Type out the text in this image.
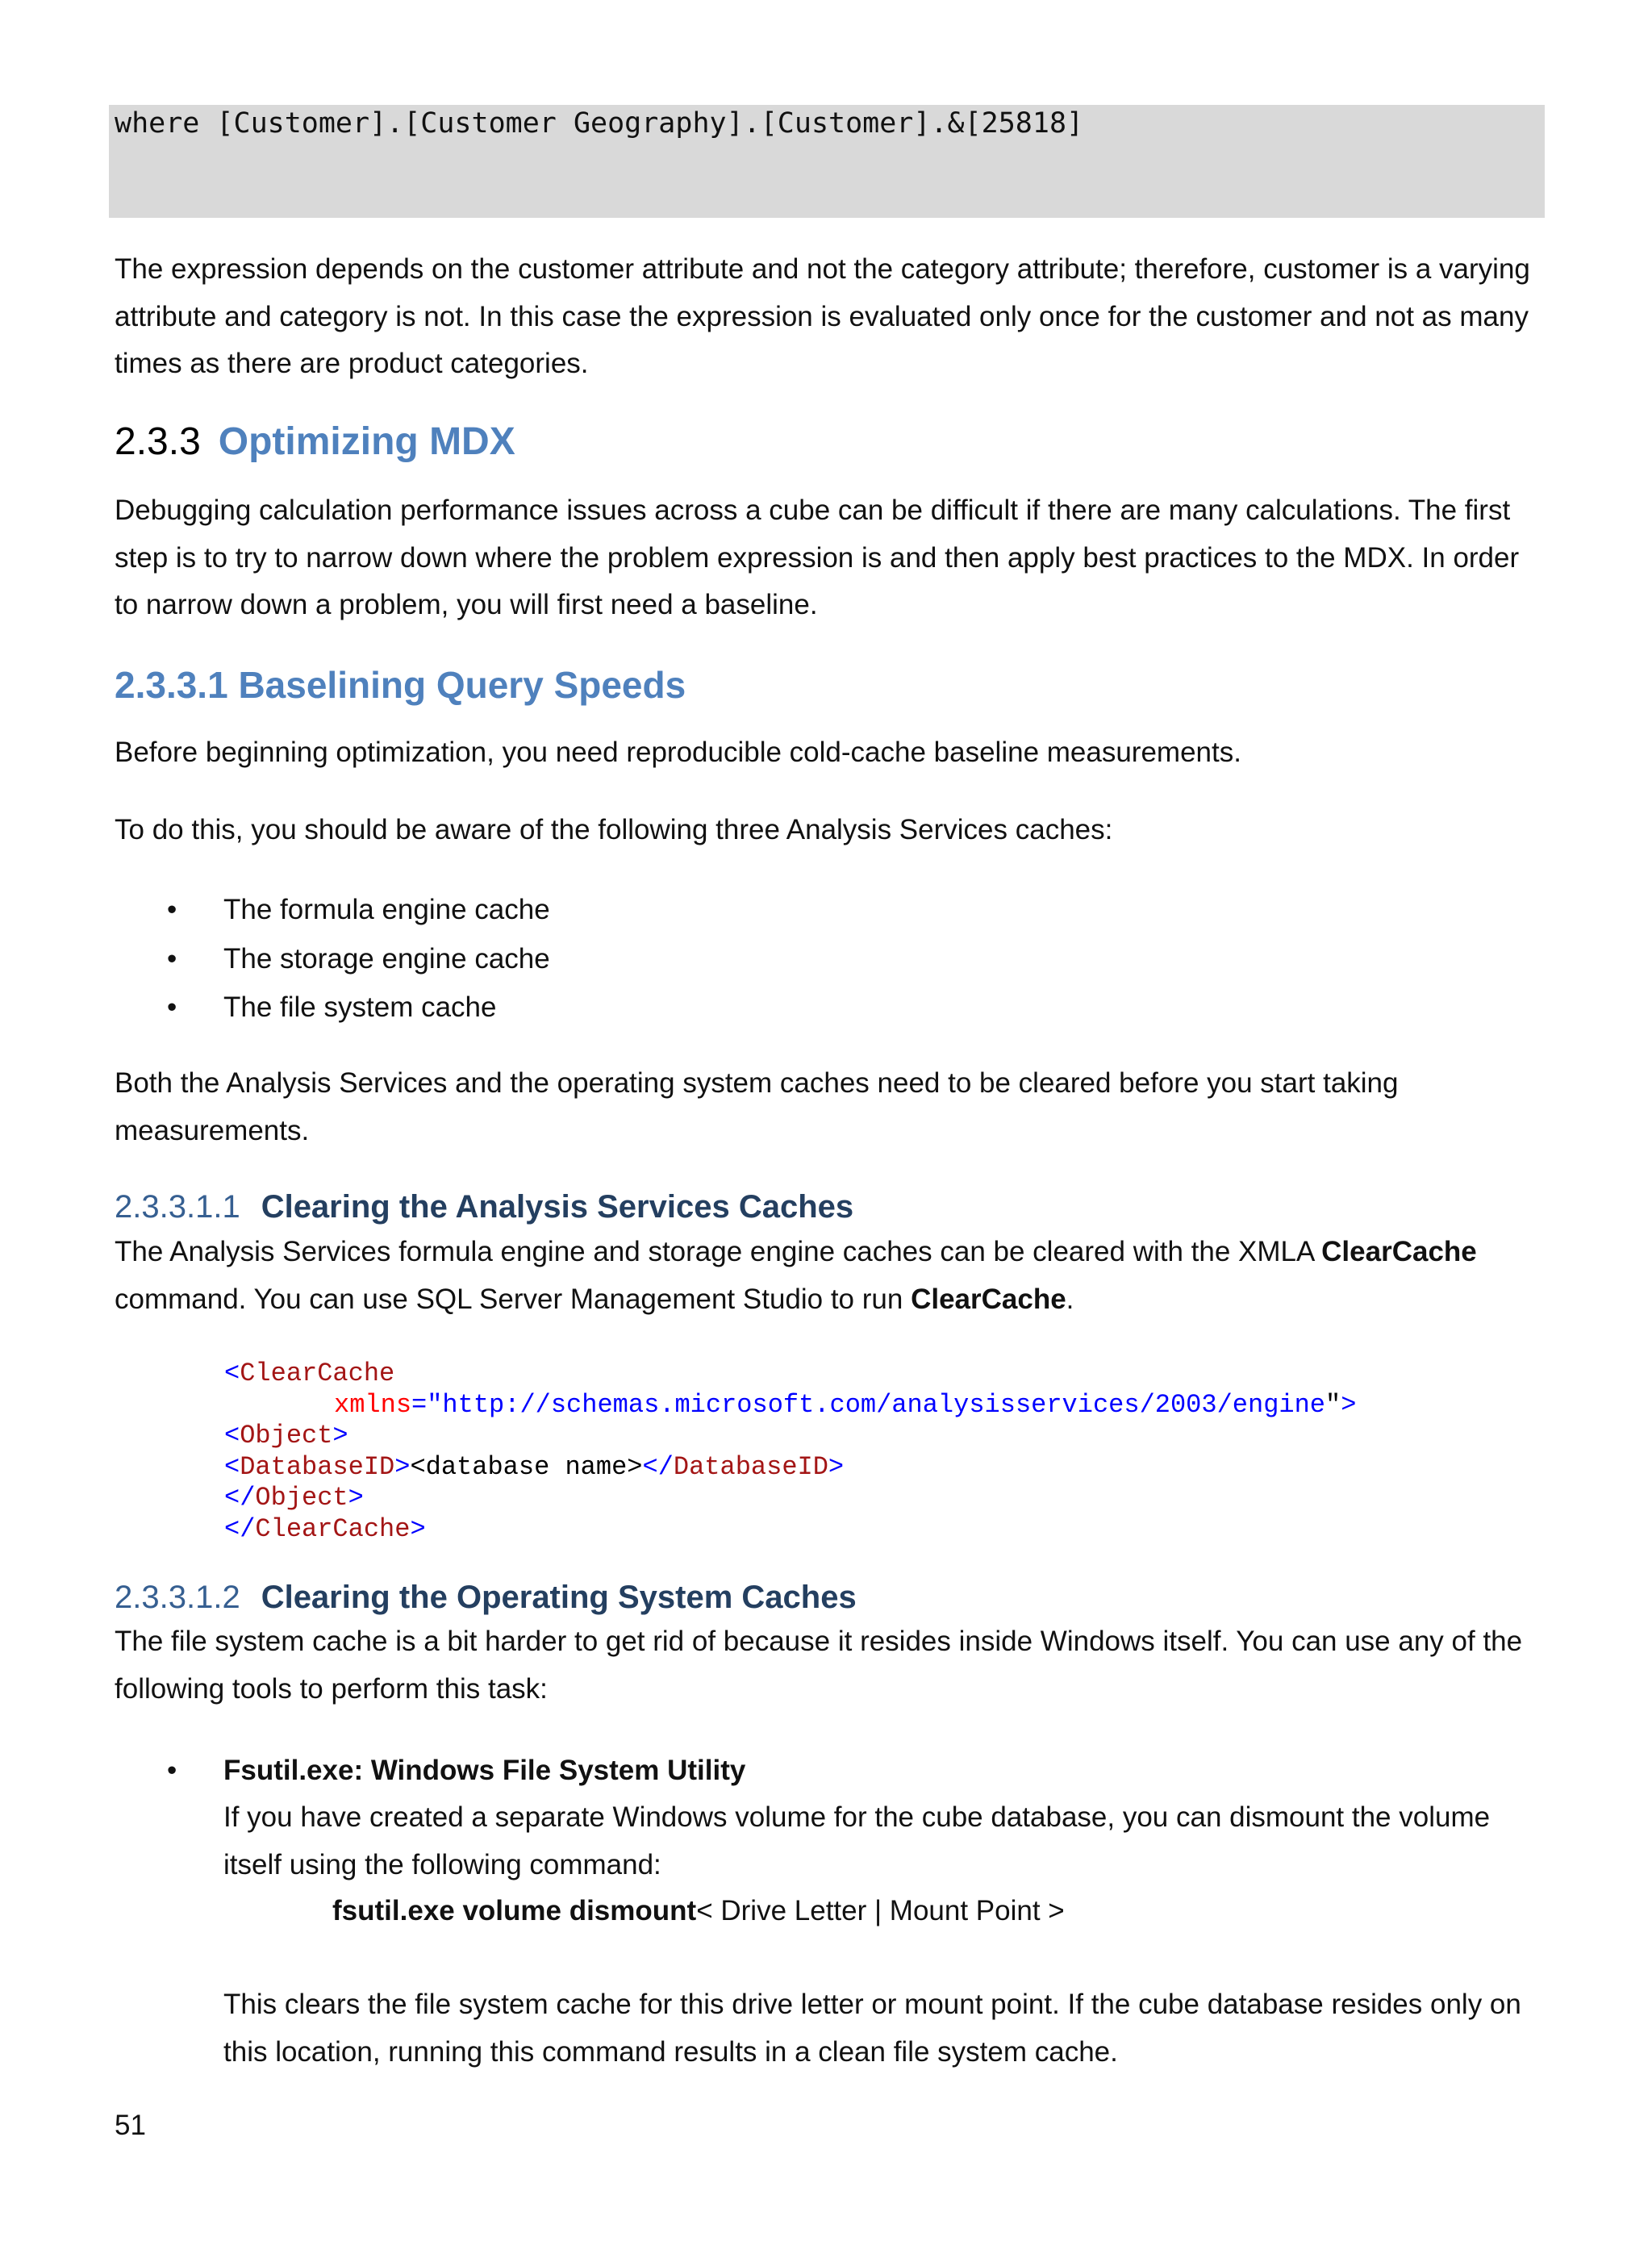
where [Customer].[Customer Geography].[Customer].&[25818]

The expression depends on the customer attribute and not the category attribute; therefore, customer is a varying attribute and category is not. In this case the expression is evaluated only once for the customer and not as many times as there are product categories.

2.3.3 Optimizing MDX

Debugging calculation performance issues across a cube can be difficult if there are many calculations. The first step is to try to narrow down where the problem expression is and then apply best practices to the MDX. In order to narrow down a problem, you will first need a baseline.

2.3.3.1 Baselining Query Speeds

Before beginning optimization, you need reproducible cold-cache baseline measurements.

To do this, you should be aware of the following three Analysis Services caches:

• The formula engine cache
• The storage engine cache
• The file system cache

Both the Analysis Services and the operating system caches need to be cleared before you start taking measurements.

2.3.3.1.1 Clearing the Analysis Services Caches

The Analysis Services formula engine and storage engine caches can be cleared with the XMLA ClearCache command. You can use SQL Server Management Studio to run ClearCache.

<ClearCache
xmlns="http://schemas.microsoft.com/analysisservices/2003/engine">
<Object>
<DatabaseID><database name></DatabaseID>
</Object>
</ClearCache>
2.3.3.1.2 Clearing the Operating System Caches

The file system cache is a bit harder to get rid of because it resides inside Windows itself. You can use any of the following tools to perform this task:

• Fsutil.exe: Windows File System Utility

If you have created a separate Windows volume for the cube database, you can dismount the volume itself using the following command:

fsutil.exe volume dismount< Drive Letter | Mount Point >

This clears the file system cache for this drive letter or mount point. If the cube database resides only on this location, running this command results in a clean file system cache.

51
